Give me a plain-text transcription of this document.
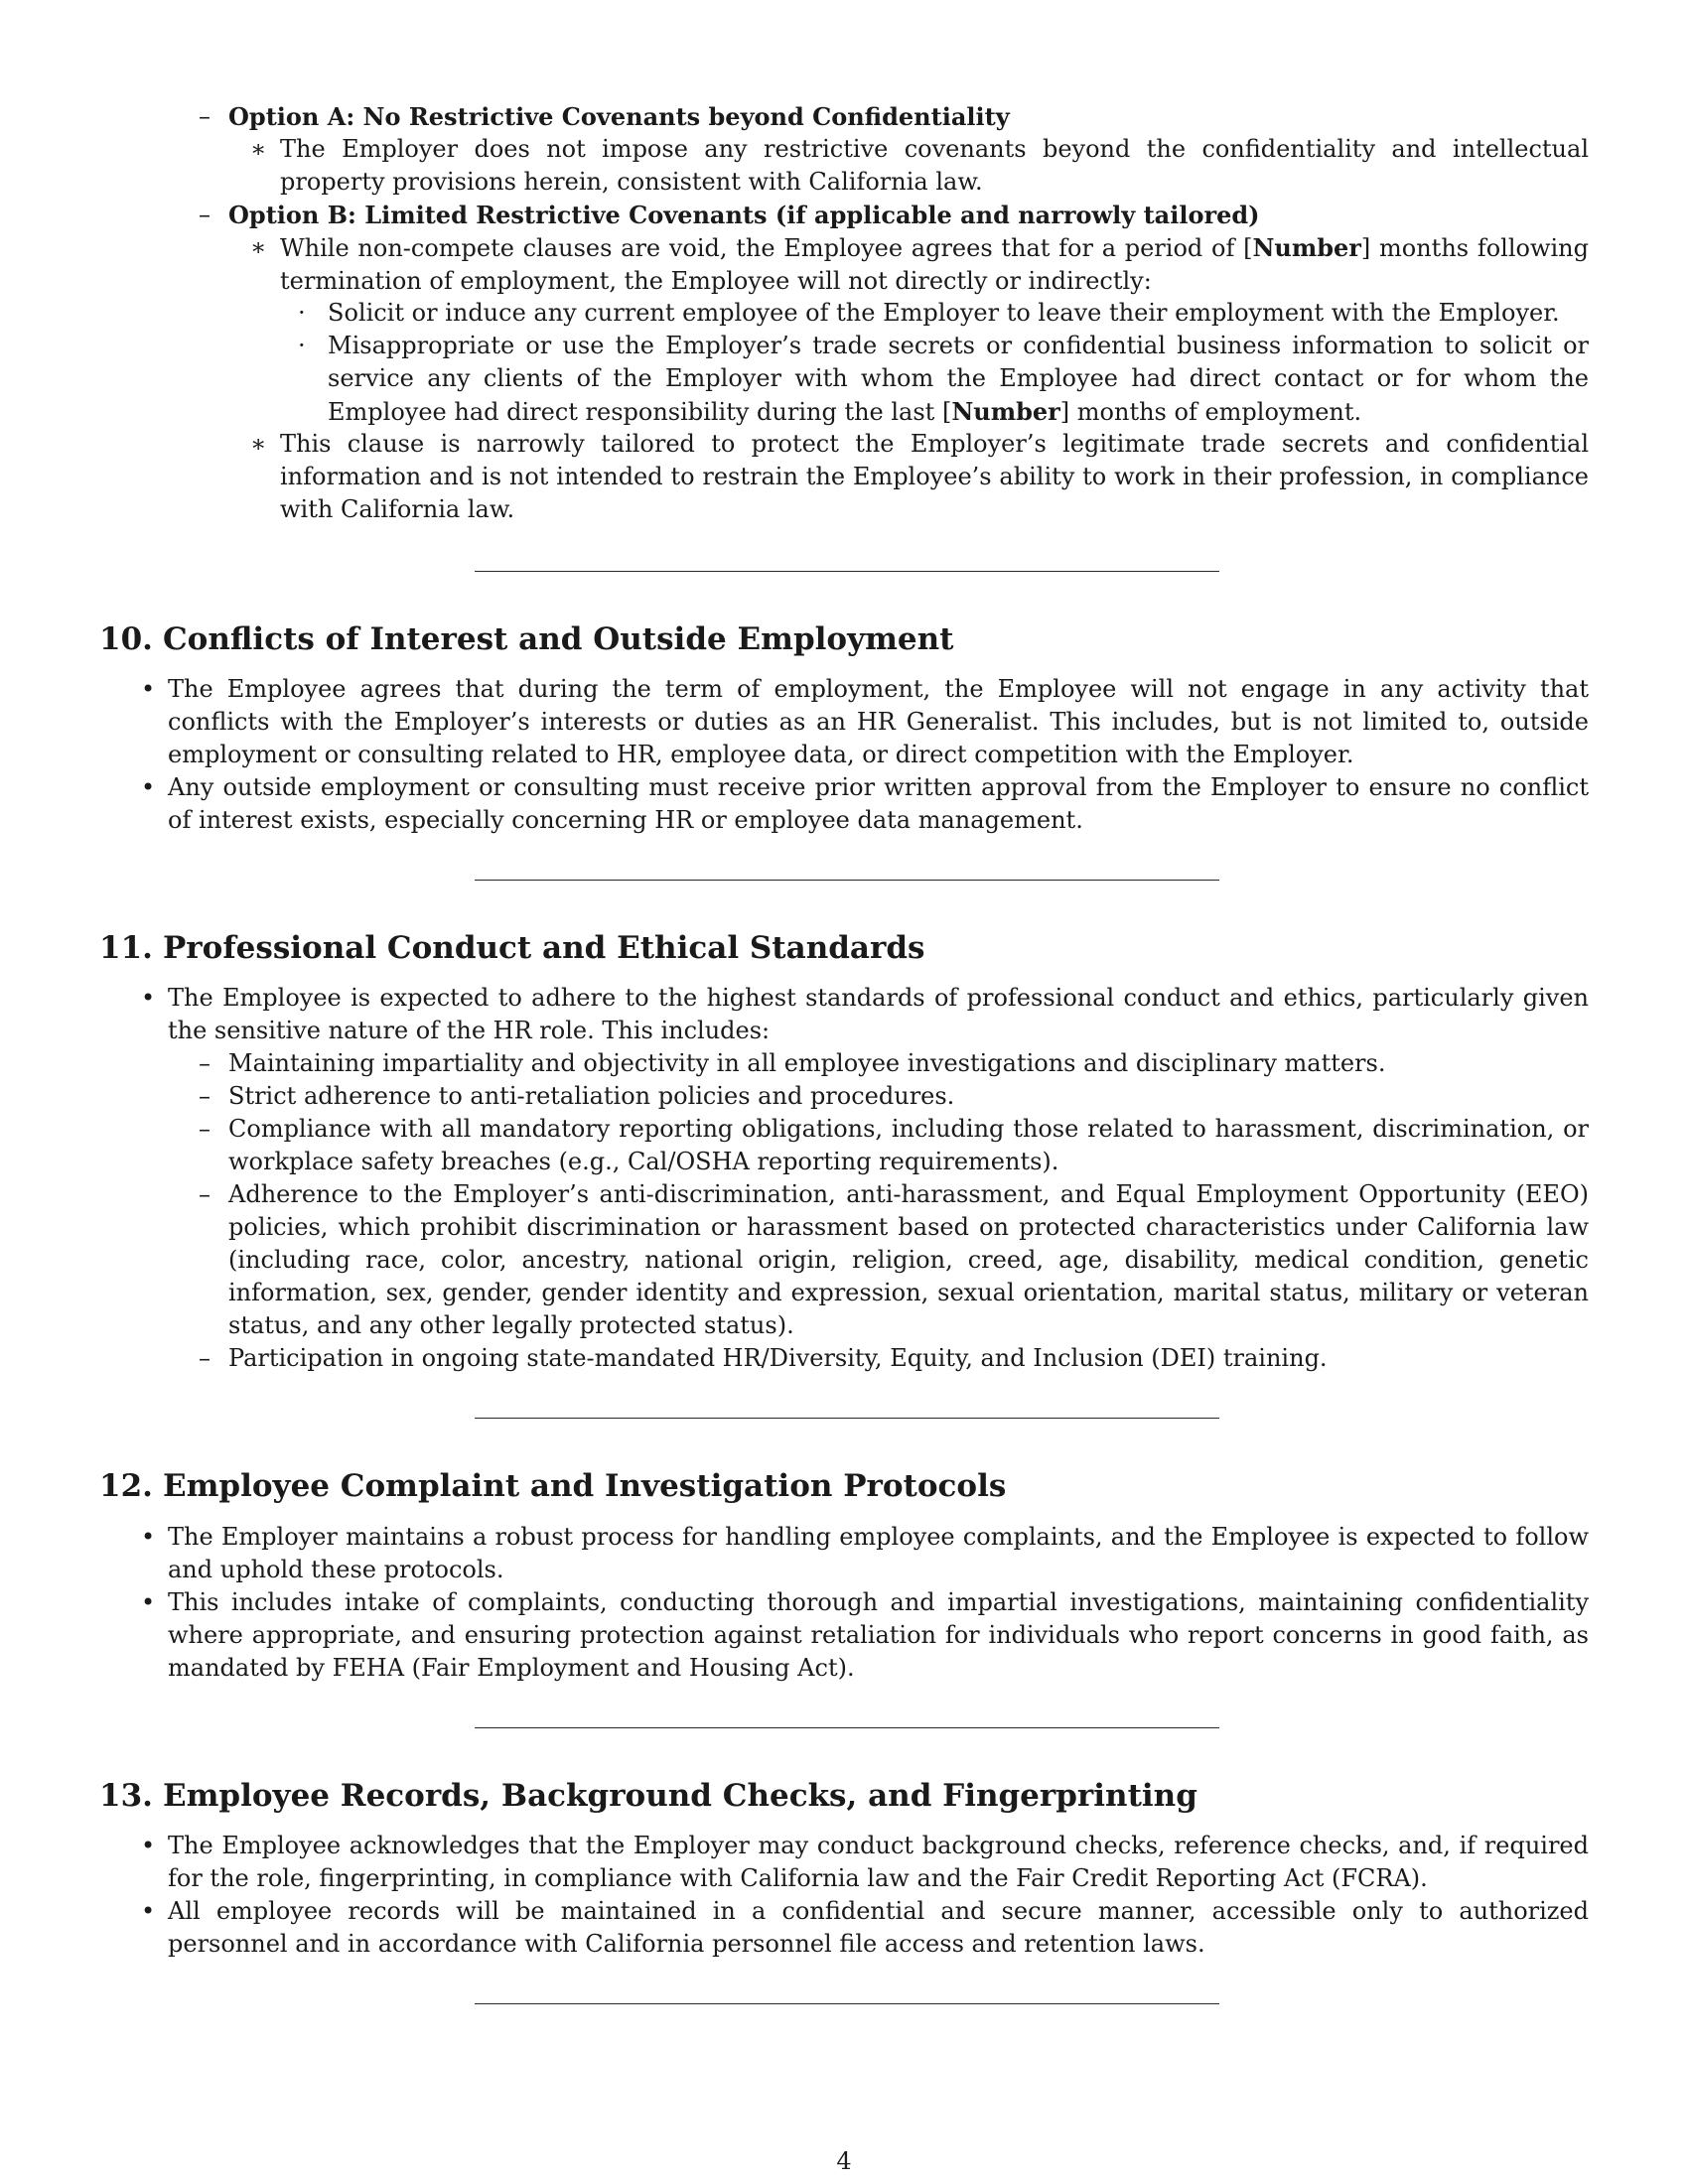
– Option A: No Restrictive Covenants beyond Confidentiality
∗ The Employer does not impose any restrictive covenants beyond the confidentiality and intellectual property provisions herein, consistent with California law.

– Option B: Limited Restrictive Covenants (if applicable and narrowly tailored)
∗ While non-compete clauses are void, the Employee agrees that for a period of [Number] months following termination of employment, the Employee will not directly or indirectly:

· Solicit or induce any current employee of the Employer to leave their employment with the Employer.

· Misappropriate or use the Employer’s trade secrets or confidential business information to solicit or service any clients of the Employer with whom the Employee had direct contact or for whom the Employee had direct responsibility during the last [Number] months of employment.

∗ This clause is narrowly tailored to protect the Employer’s legitimate trade secrets and confidential information and is not intended to restrain the Employee’s ability to work in their profession, in compliance with California law.

10. Conflicts of Interest and Outside Employment
• The Employee agrees that during the term of employment, the Employee will not engage in any activity that conflicts with the Employer’s interests or duties as an HR Generalist. This includes, but is not limited to, outside employment or consulting related to HR, employee data, or direct competition with the Employer.

• Any outside employment or consulting must receive prior written approval from the Employer to ensure no conflict of interest exists, especially concerning HR or employee data management.

11. Professional Conduct and Ethical Standards
• The Employee is expected to adhere to the highest standards of professional conduct and ethics, particularly given the sensitive nature of the HR role. This includes:

– Maintaining impartiality and objectivity in all employee investigations and disciplinary matters.

– Strict adherence to anti-retaliation policies and procedures.

– Compliance with all mandatory reporting obligations, including those related to harassment, discrimination, or workplace safety breaches (e.g., Cal/OSHA reporting requirements).

– Adherence to the Employer’s anti-discrimination, anti-harassment, and Equal Employment Opportunity (EEO) policies, which prohibit discrimination or harassment based on protected characteristics under California law (including race, color, ancestry, national origin, religion, creed, age, disability, medical condition, genetic information, sex, gender, gender identity and expression, sexual orientation, marital status, military or veteran status, and any other legally protected status).

– Participation in ongoing state-mandated HR/Diversity, Equity, and Inclusion (DEI) training.

12. Employee Complaint and Investigation Protocols
• The Employer maintains a robust process for handling employee complaints, and the Employee is expected to follow and uphold these protocols.

• This includes intake of complaints, conducting thorough and impartial investigations, maintaining confidentiality where appropriate, and ensuring protection against retaliation for individuals who report concerns in good faith, as mandated by FEHA (Fair Employment and Housing Act).

13. Employee Records, Background Checks, and Fingerprinting
• The Employee acknowledges that the Employer may conduct background checks, reference checks, and, if required for the role, fingerprinting, in compliance with California law and the Fair Credit Reporting Act (FCRA).

• All employee records will be maintained in a confidential and secure manner, accessible only to authorized personnel and in accordance with California personnel file access and retention laws.

4
